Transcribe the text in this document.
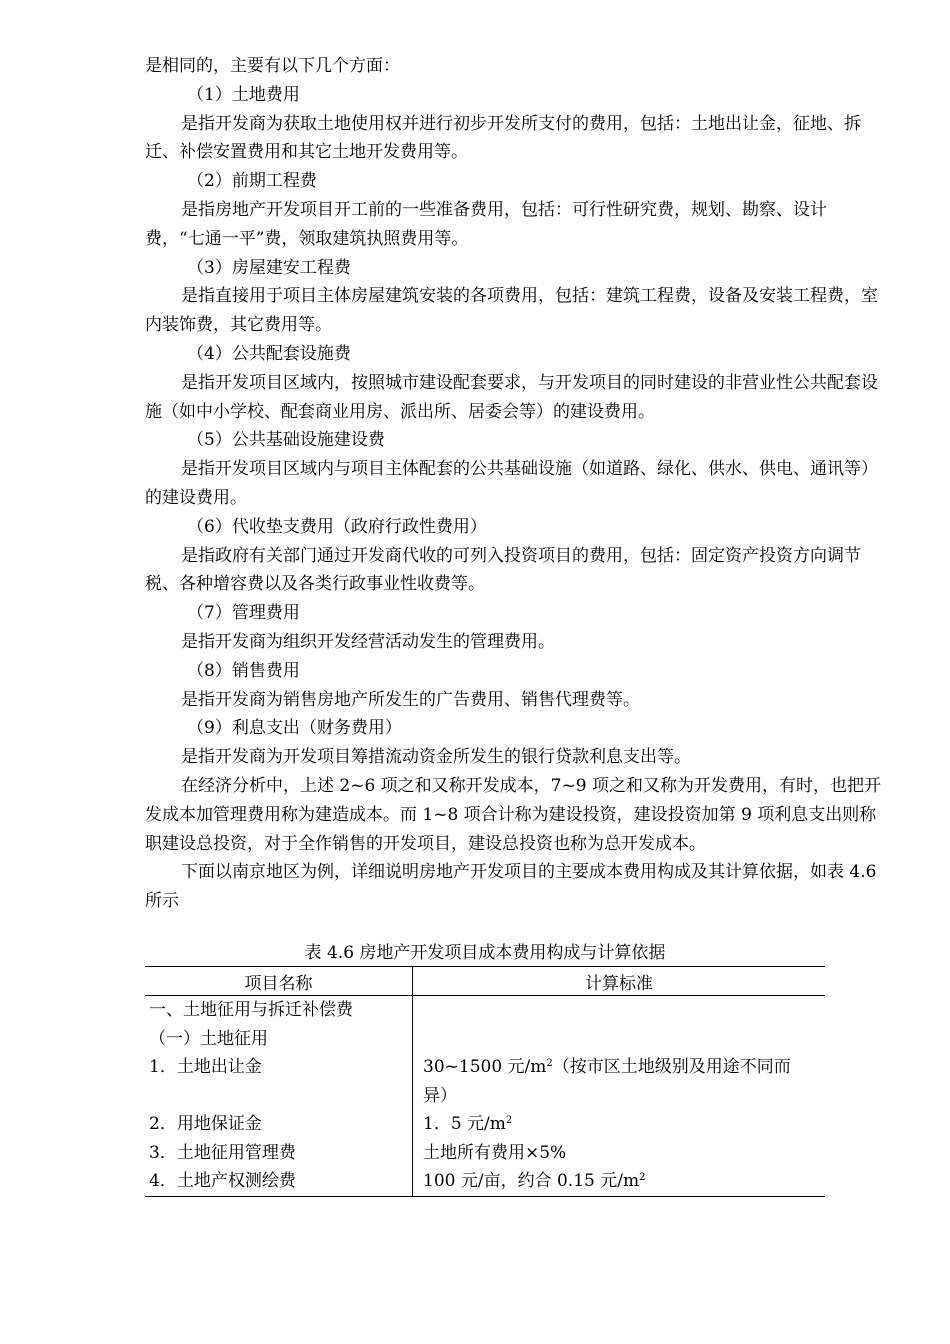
是相同的，主要有以下几个方面：

（1）土地费用

是指开发商为获取土地使用权并进行初步开发所支付的费用，包括：土地出让金，征地、拆迁、补偿安置费用和其它土地开发费用等。

（2）前期工程费

是指房地产开发项目开工前的一些准备费用，包括：可行性研究费，规划、勘察、设计费，“七通一平”费，领取建筑执照费用等。

（3）房屋建安工程费

是指直接用于项目主体房屋建筑安装的各项费用，包括：建筑工程费，设备及安装工程费，室内装饰费，其它费用等。

（4）公共配套设施费

是指开发项目区域内，按照城市建设配套要求，与开发项目的同时建设的非营业性公共配套设施（如中小学校、配套商业用房、派出所、居委会等）的建设费用。

（5）公共基础设施建设费

是指开发项目区域内与项目主体配套的公共基础设施（如道路、绿化、供水、供电、通讯等）的建设费用。

（6）代收垫支费用（政府行政性费用）

是指政府有关部门通过开发商代收的可列入投资项目的费用，包括：固定资产投资方向调节税、各种增容费以及各类行政事业性收费等。

（7）管理费用

是指开发商为组织开发经营活动发生的管理费用。

（8）销售费用

是指开发商为销售房地产所发生的广告费用、销售代理费等。

（9）利息支出（财务费用）

是指开发商为开发项目筹措流动资金所发生的银行贷款利息支出等。

在经济分析中，上述 2~6 项之和又称开发成本，7~9 项之和又称为开发费用，有时，也把开发成本加管理费用称为建造成本。而 1~8 项合计称为建设投资，建设投资加第 9 项利息支出则称职建设总投资，对于全作销售的开发项目，建设总投资也称为总开发成本。

下面以南京地区为例，详细说明房地产开发项目的主要成本费用构成及其计算依据，如表 4.6 所示

表 4.6 房地产开发项目成本费用构成与计算依据
项目名称	计算标准
一、土地征用与拆迁补偿费	
（一）土地征用	
1．土地出让金	30~1500 元$/m^2$（按市区土地级别及用途不同而异）
2．用地保证金	1．5 元$/m^2$
3．土地征用管理费	土地所有费用×5%
4．土地产权测绘费	100 元/亩，约合 0.15 元$/m^2$
